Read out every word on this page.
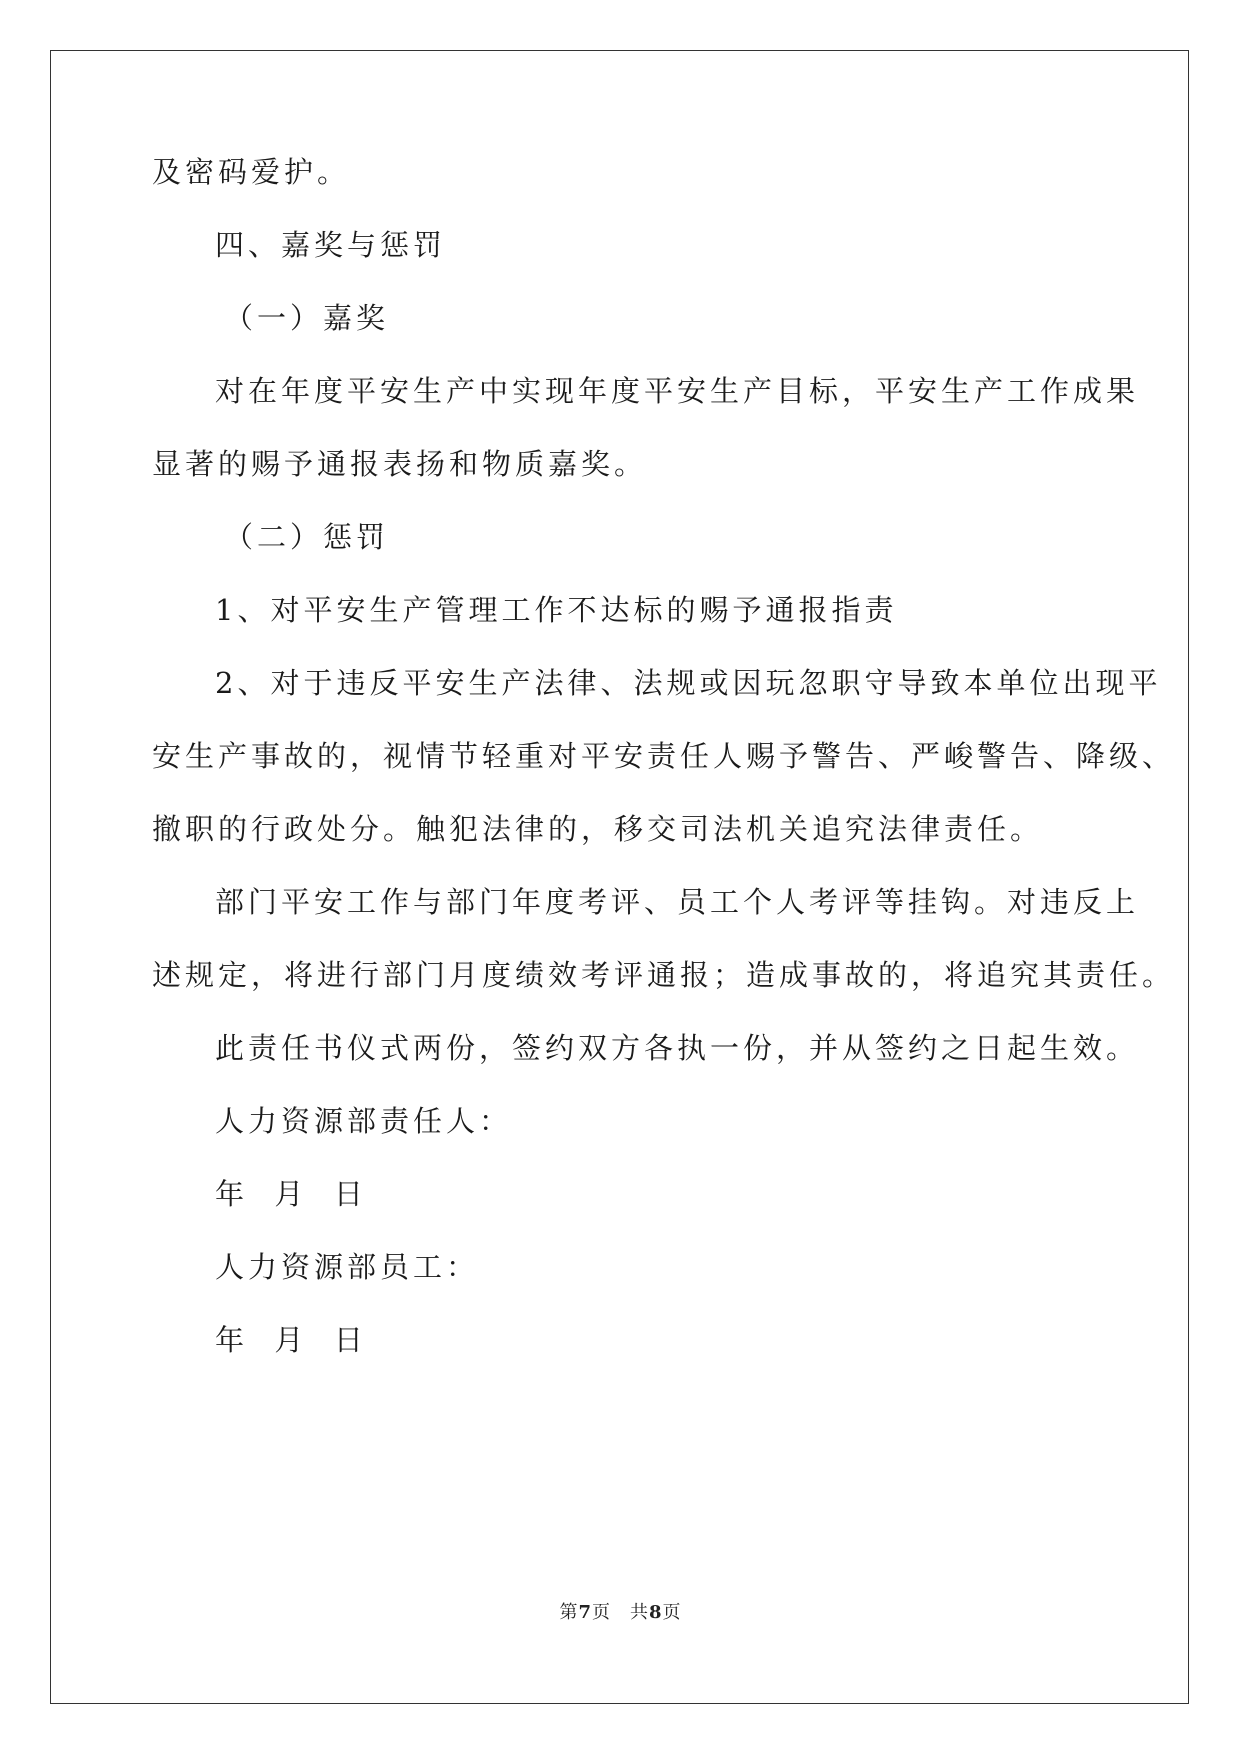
及密码爱护。
四、嘉奖与惩罚
（一）嘉奖
对在年度平安生产中实现年度平安生产目标，平安生产工作成果
显著的赐予通报表扬和物质嘉奖。
（二）惩罚
1、对平安生产管理工作不达标的赐予通报指责
2、对于违反平安生产法律、法规或因玩忽职守导致本单位出现平
安生产事故的，视情节轻重对平安责任人赐予警告、严峻警告、降级、
撤职的行政处分。触犯法律的，移交司法机关追究法律责任。
部门平安工作与部门年度考评、员工个人考评等挂钩。对违反上
述规定，将进行部门月度绩效考评通报；造成事故的，将追究其责任。
此责任书仪式两份，签约双方各执一份，并从签约之日起生效。
人力资源部责任人：
年  月  日
人力资源部员工：
年  月  日
第7页　共8页
